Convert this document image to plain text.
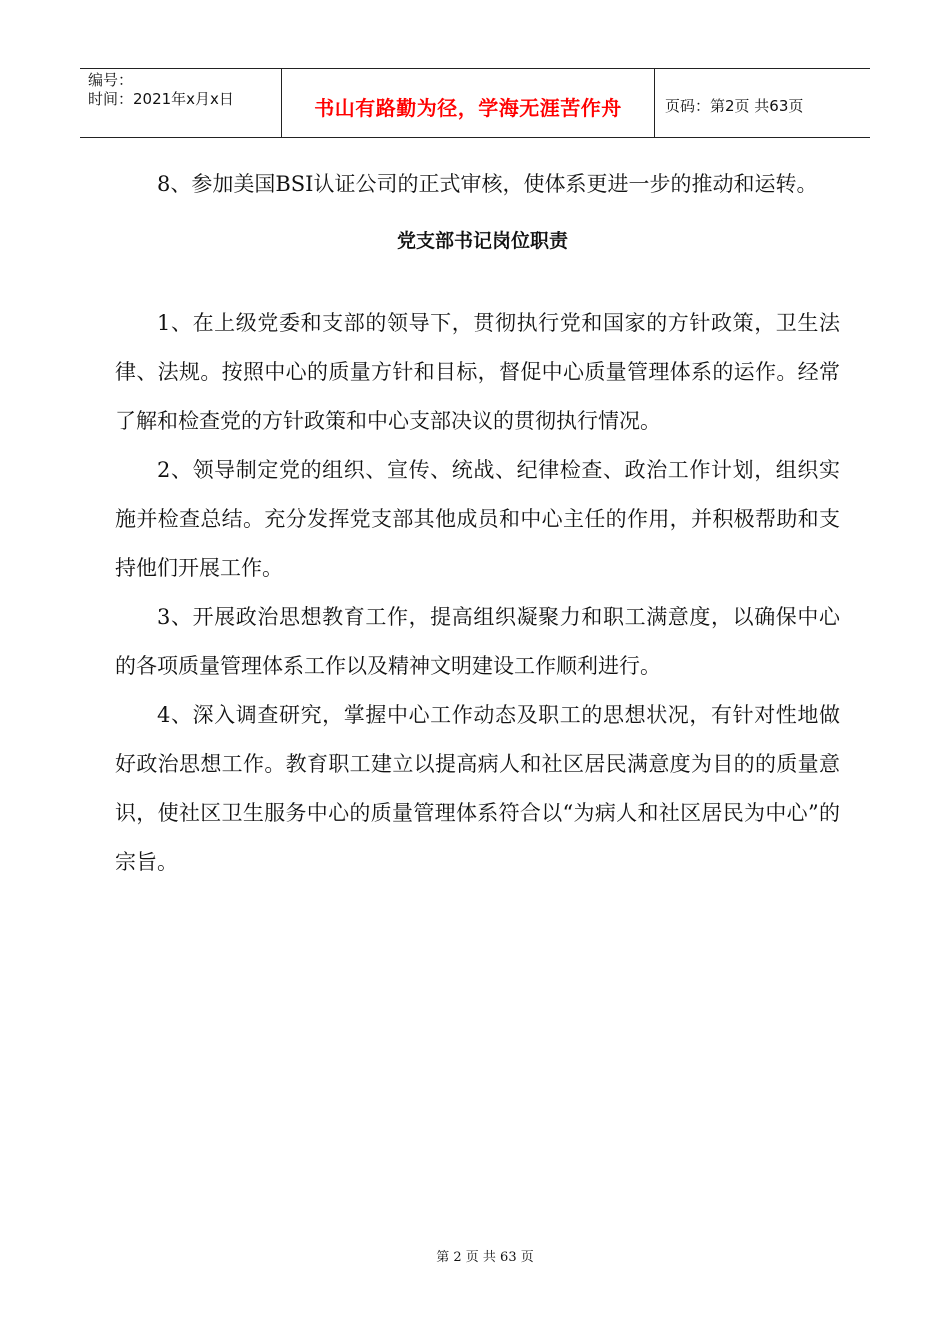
编号：
时间：2021年x月x日	书山有路勤为径，学海无涯苦作舟	页码：第2页 共63页

8、参加美国BSI认证公司的正式审核，使体系更进一步的推动和运转。

党支部书记岗位职责

1、在上级党委和支部的领导下，贯彻执行党和国家的方针政策，卫生法律、法规。按照中心的质量方针和目标，督促中心质量管理体系的运作。经常了解和检查党的方针政策和中心支部决议的贯彻执行情况。

2、领导制定党的组织、宣传、统战、纪律检查、政治工作计划，组织实施并检查总结。充分发挥党支部其他成员和中心主任的作用，并积极帮助和支持他们开展工作。

3、开展政治思想教育工作，提高组织凝聚力和职工满意度，以确保中心的各项质量管理体系工作以及精神文明建设工作顺利进行。

4、深入调查研究，掌握中心工作动态及职工的思想状况，有针对性地做好政治思想工作。教育职工建立以提高病人和社区居民满意度为目的的质量意识，使社区卫生服务中心的质量管理体系符合以“为病人和社区居民为中心”的宗旨。

第 2 页 共 63 页
